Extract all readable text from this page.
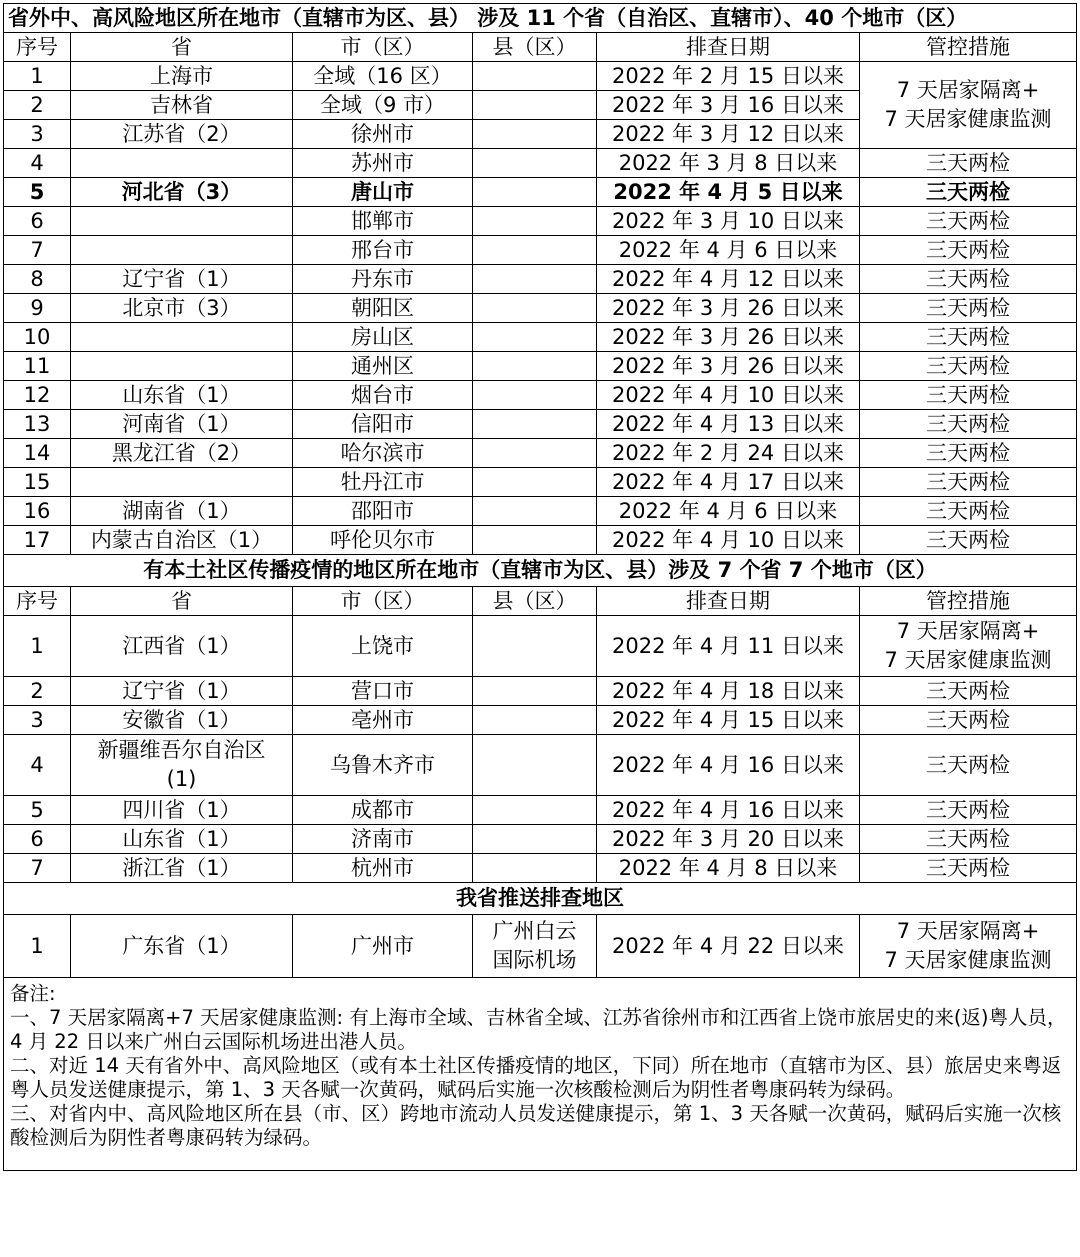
省外中、高风险地区所在地市（直辖市为区、县） 涉及 11 个省（自治区、直辖市）、40 个地市（区）					
序号	省	市（区）	县（区）	排查日期	管控措施
1	上海市	全域（16 区）		2022 年 2 月 15 日以来	7 天居家隔离+
7 天居家健康监测

2	吉林省	全域（9 市）		2022 年 3 月 16 日以来	
3	江苏省（2）	徐州市		2022 年 3 月 12 日以来	
4		苏州市		2022 年 3 月 8 日以来	三天两检
5	河北省（3）	唐山市		2022 年 4 月 5 日以来	三天两检
6		邯郸市		2022 年 3 月 10 日以来	三天两检
7		邢台市		2022 年 4 月 6 日以来	三天两检
8	辽宁省（1）	丹东市		2022 年 4 月 12 日以来	三天两检
9	北京市（3）	朝阳区		2022 年 3 月 26 日以来	三天两检
10		房山区		2022 年 3 月 26 日以来	三天两检
11		通州区		2022 年 3 月 26 日以来	三天两检
12	山东省（1）	烟台市		2022 年 4 月 10 日以来	三天两检
13	河南省（1）	信阳市		2022 年 4 月 13 日以来	三天两检
14	黑龙江省（2）	哈尔滨市		2022 年 2 月 24 日以来	三天两检
15		牡丹江市		2022 年 4 月 17 日以来	三天两检
16	湖南省（1）	邵阳市		2022 年 4 月 6 日以来	三天两检
17	内蒙古自治区（1）	呼伦贝尔市		2022 年 4 月 10 日以来	三天两检
有本土社区传播疫情的地区所在地市（直辖市为区、县）涉及 7 个省 7 个地市（区）					
序号	省	市（区）	县（区）	排查日期	管控措施
1	江西省（1）	上饶市		2022 年 4 月 11 日以来	7 天居家隔离+
7 天居家健康监测

2	辽宁省（1）	营口市		2022 年 4 月 18 日以来	三天两检
3	安徽省（1）	亳州市		2022 年 4 月 15 日以来	三天两检
4	新疆维吾尔自治区
(1)	乌鲁木齐市		2022 年 4 月 16 日以来	三天两检
5	四川省（1）	成都市		2022 年 4 月 16 日以来	三天两检
6	山东省（1）	济南市		2022 年 3 月 20 日以来	三天两检
7	浙江省（1）	杭州市		2022 年 4 月 8 日以来	三天两检
我省推送排查地区					
1	广东省（1）	广州市	广州白云
国际机场	2022 年 4 月 22 日以来	7 天居家隔离+
7 天居家健康监测

备注:
一、7 天居家隔离+7 天居家健康监测: 有上海市全域、吉林省全域、江苏省徐州市和江西省上饶市旅居史的来(返)粤人员，4 月 22 日以来广州白云国际机场进出港人员。
二、对近 14 天有省外中、高风险地区（或有本土社区传播疫情的地区，下同）所在地市（直辖市为区、县）旅居史来粤返粤人员发送健康提示，第 1、3 天各赋一次黄码，赋码后实施一次核酸检测后为阴性者粤康码转为绿码。
三、对省内中、高风险地区所在县（市、区）跨地市流动人员发送健康提示，第 1、3 天各赋一次黄码，赋码后实施一次核酸检测后为阴性者粤康码转为绿码。					
